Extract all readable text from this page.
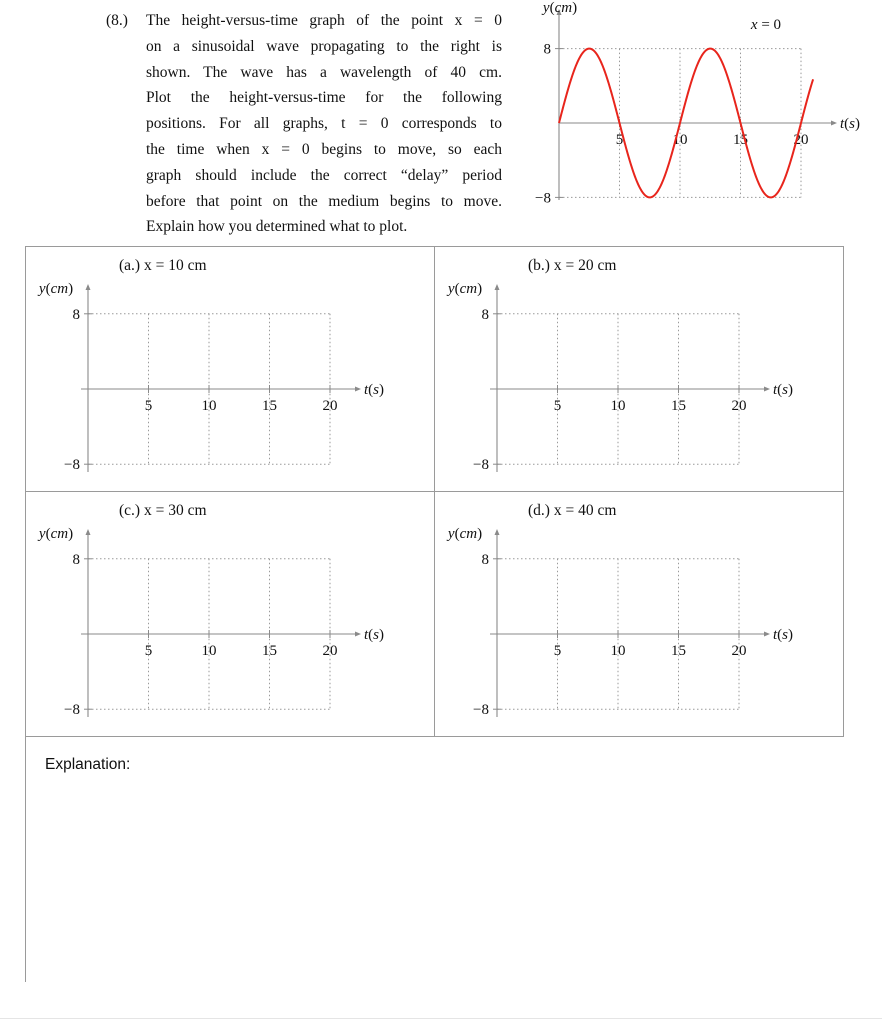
(8.)	The height-versus-time graph of the point x = 0
on a sinusoidal wave propagating to the right is
shown. The wave has a wavelength of 40 cm.
Plot the height-versus-time for the following
positions. For all graphs, t = 0 corresponds to
the time when x = 0 begins to move, so each
graph should include the correct “delay” period
before that point on the medium begins to move.
Explain how you determined what to plot.
5	10	15	20
8
−8
y(cm)
t(s)
x = 0
(a.) x = 10 cm
5	10	15	20
8
−8
y(cm)
t(s)
(b.) x = 20 cm
5	10	15	20
8
−8
y(cm)
t(s)
(c.) x = 30 cm
5	10	15	20
8
−8
y(cm)
t(s)
(d.) x = 40 cm
5	10	15	20
8
−8
y(cm)
t(s)
Explanation:
